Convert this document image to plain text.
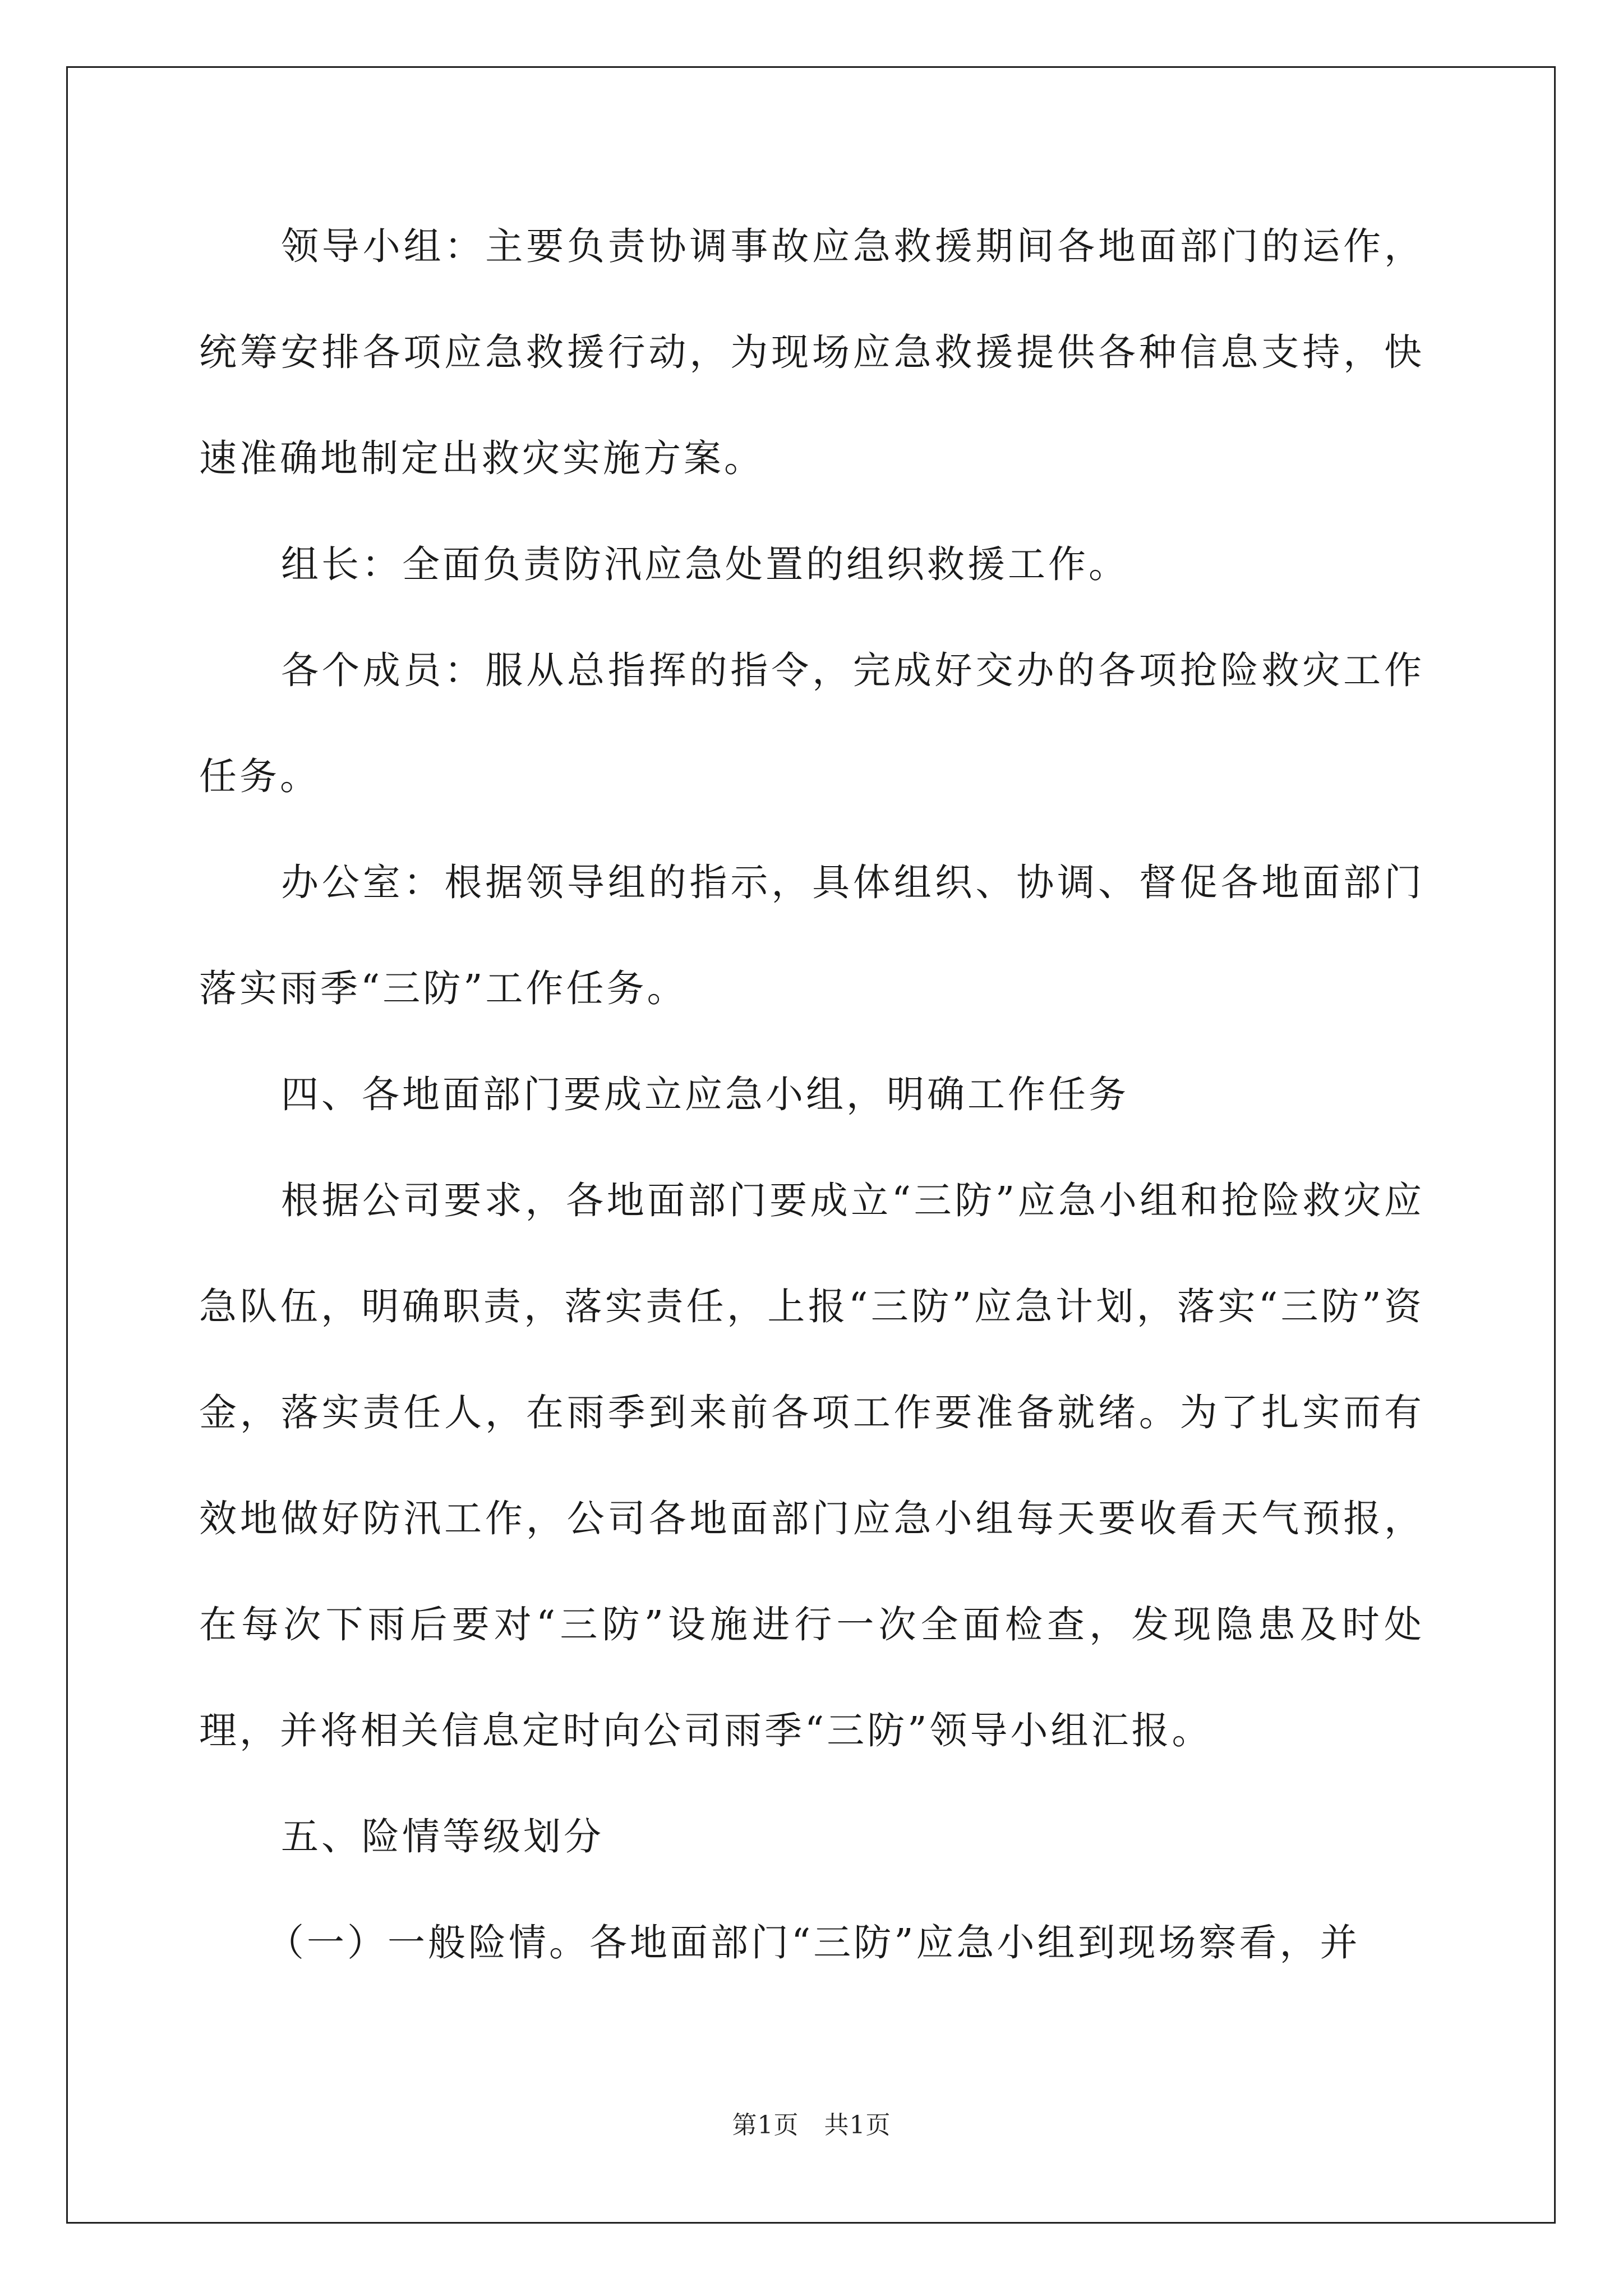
领导小组：主要负责协调事故应急救援期间各地面部门的运作，统筹安排各项应急救援行动，为现场应急救援提供各种信息支持，快速准确地制定出救灾实施方案。

组长：全面负责防汛应急处置的组织救援工作。

各个成员：服从总指挥的指令，完成好交办的各项抢险救灾工作任务。

办公室：根据领导组的指示，具体组织、协调、督促各地面部门落实雨季“三防”工作任务。

四、各地面部门要成立应急小组，明确工作任务

根据公司要求，各地面部门要成立“三防”应急小组和抢险救灾应急队伍，明确职责，落实责任，上报“三防”应急计划，落实“三防”资金，落实责任人，在雨季到来前各项工作要准备就绪。为了扎实而有效地做好防汛工作，公司各地面部门应急小组每天要收看天气预报，在每次下雨后要对“三防”设施进行一次全面检查，发现隐患及时处理，并将相关信息定时向公司雨季“三防”领导小组汇报。

五、险情等级划分

（一）一般险情。各地面部门“三防”应急小组到现场察看，并

第1页　共1页
